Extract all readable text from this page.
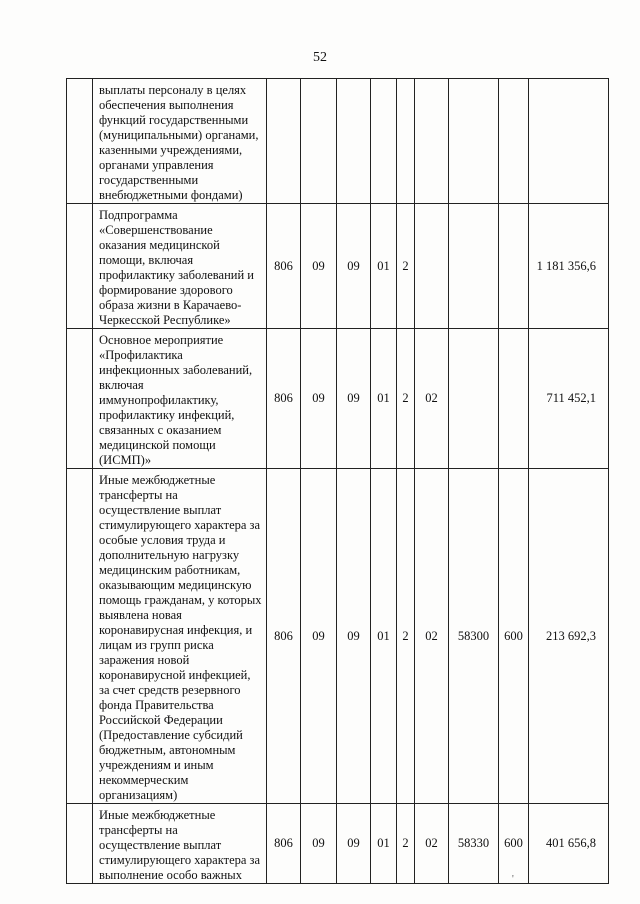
52
	выплаты персоналу в целях обеспечения выполнения функций государственными (муниципальными) органами, казенными учреждениями, органами управления государственными внебюджетными фондами)									
	Подпрограмма «Совершенствование оказания медицинской помощи, включая профилактику заболеваний и формирование здорового образа жизни в Карачаево-Черкесской Республике»	806	09	09	01	2				1 181 356,6
	Основное мероприятие «Профилактика инфекционных заболеваний, включая иммунопрофилактику, профилактику инфекций, связанных с оказанием медицинской помощи (ИСМП)»	806	09	09	01	2	02			711 452,1
	Иные межбюджетные трансферты на осуществление выплат стимулирующего характера за особые условия труда и дополнительную нагрузку медицинским работникам, оказывающим медицинскую помощь гражданам, у которых выявлена новая коронавирусная инфекция, и лицам из групп риска заражения новой коронавирусной инфекцией, за счет средств резервного фонда Правительства Российской Федерации (Предоставление субсидий бюджетным, автономным учреждениям и иным некоммерческим организациям)	806	09	09	01	2	02	58300	600	213 692,3
	Иные межбюджетные трансферты на осуществление выплат стимулирующего характера за выполнение особо важных	806	09	09	01	2	02	58330	600	401 656,8
'
